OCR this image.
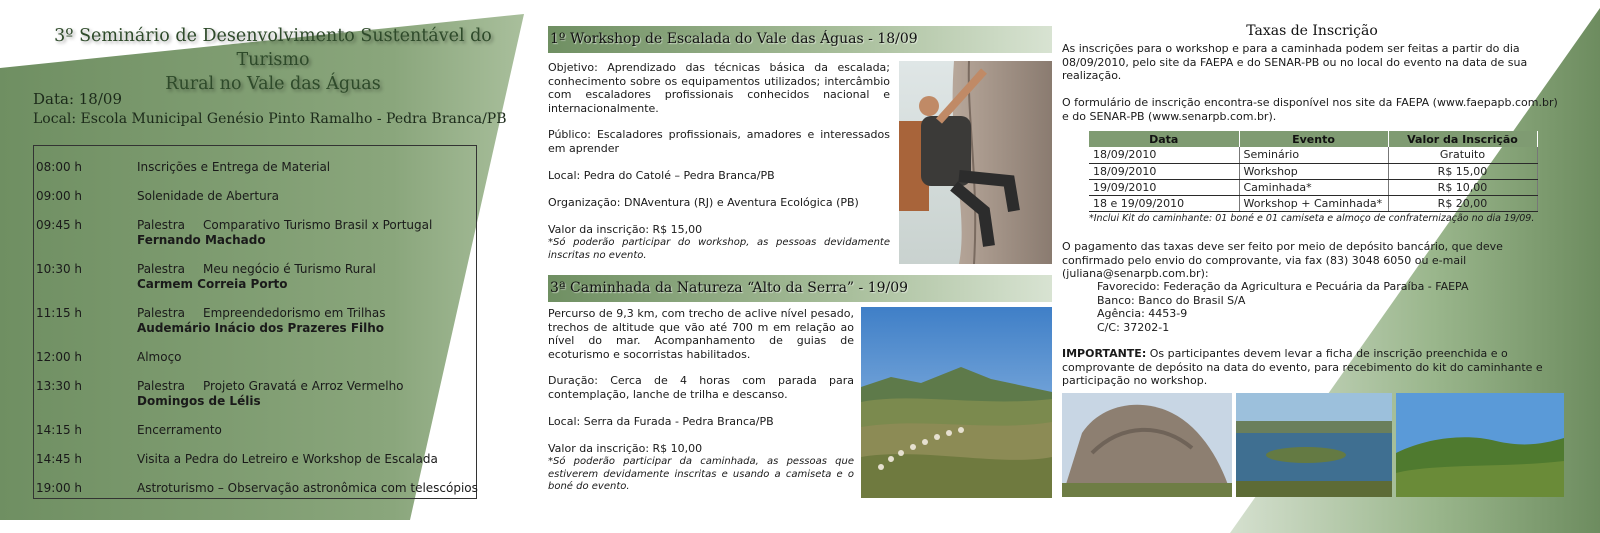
3º Seminário de Desenvolvimento Sustentável do Turismo
Rural no Vale das Águas
Data: 18/09
Local: Escola Municipal Genésio Pinto Ramalho - Pedra Branca/PB
08:00 h	Inscrições e Entrega de Material
09:00 h	Solenidade de Abertura
09:45 h	Palestra Comparativo Turismo Brasil x Portugal
Fernando Machado
10:30 h	Palestra Meu negócio é Turismo Rural
Carmem Correia Porto
11:15 h	Palestra Empreendedorismo em Trilhas
Audemário Inácio dos Prazeres Filho
12:00 h	Almoço
13:30 h	Palestra Projeto Gravatá e Arroz Vermelho
Domingos de Lélis
14:15 h	Encerramento
14:45 h	Visita a Pedra do Letreiro e Workshop de Escalada
19:00 h	Astroturismo – Observação astronômica com telescópios
1º Workshop de Escalada do Vale das Águas - 18/09
Objetivo: Aprendizado das técnicas básica da escalada; conhecimento sobre os equipamentos utilizados; intercâmbio com escaladores profissionais conhecidos nacional e internacionalmente.
Público: Escaladores profissionais, amadores e interessados em aprender
Local: Pedra do Catolé – Pedra Branca/PB
Organização: DNAventura (RJ) e Aventura Ecológica (PB)
Valor da inscrição: R$ 15,00
*Só poderão participar do workshop, as pessoas devidamente inscritas no evento.
3ª Caminhada da Natureza “Alto da Serra” - 19/09
Percurso de 9,3 km, com trecho de aclive nível pesado, trechos de altitude que vão até 700 m em relação ao nível do mar. Acompanhamento de guias de ecoturismo e socorristas habilitados.
Duração: Cerca de 4 horas com parada para contemplação, lanche de trilha e descanso.
Local: Serra da Furada - Pedra Branca/PB
Valor da inscrição: R$ 10,00
*Só poderão participar da caminhada, as pessoas que estiverem devidamente inscritas e usando a camiseta e o boné do evento.
Taxas de Inscrição
As inscrições para o workshop e para a caminhada podem ser feitas a partir do dia 08/09/2010, pelo site da FAEPA e do SENAR-PB ou no local do evento na data de sua realização.
O formulário de inscrição encontra-se disponível nos site da FAEPA (www.faepapb.com.br) e do SENAR-PB (www.senarpb.com.br).
Data	Evento	Valor da Inscrição
18/09/2010	Seminário	Gratuito
18/09/2010	Workshop	R$ 15,00
19/09/2010	Caminhada*	R$ 10,00
18 e 19/09/2010	Workshop + Caminhada*	R$ 20,00
*Inclui Kit do caminhante: 01 boné e 01 camiseta e almoço de confraternização no dia 19/09.
O pagamento das taxas deve ser feito por meio de depósito bancário, que deve confirmado pelo envio do comprovante, via fax (83) 3048 6050 ou e-mail (juliana@senarpb.com.br):
Favorecido: Federação da Agricultura e Pecuária da Paraíba - FAEPA
Banco: Banco do Brasil S/A
Agência: 4453-9
C/C: 37202-1
IMPORTANTE: Os participantes devem levar a ficha de inscrição preenchida e o comprovante de depósito na data do evento, para recebimento do kit do caminhante e participação no workshop.
